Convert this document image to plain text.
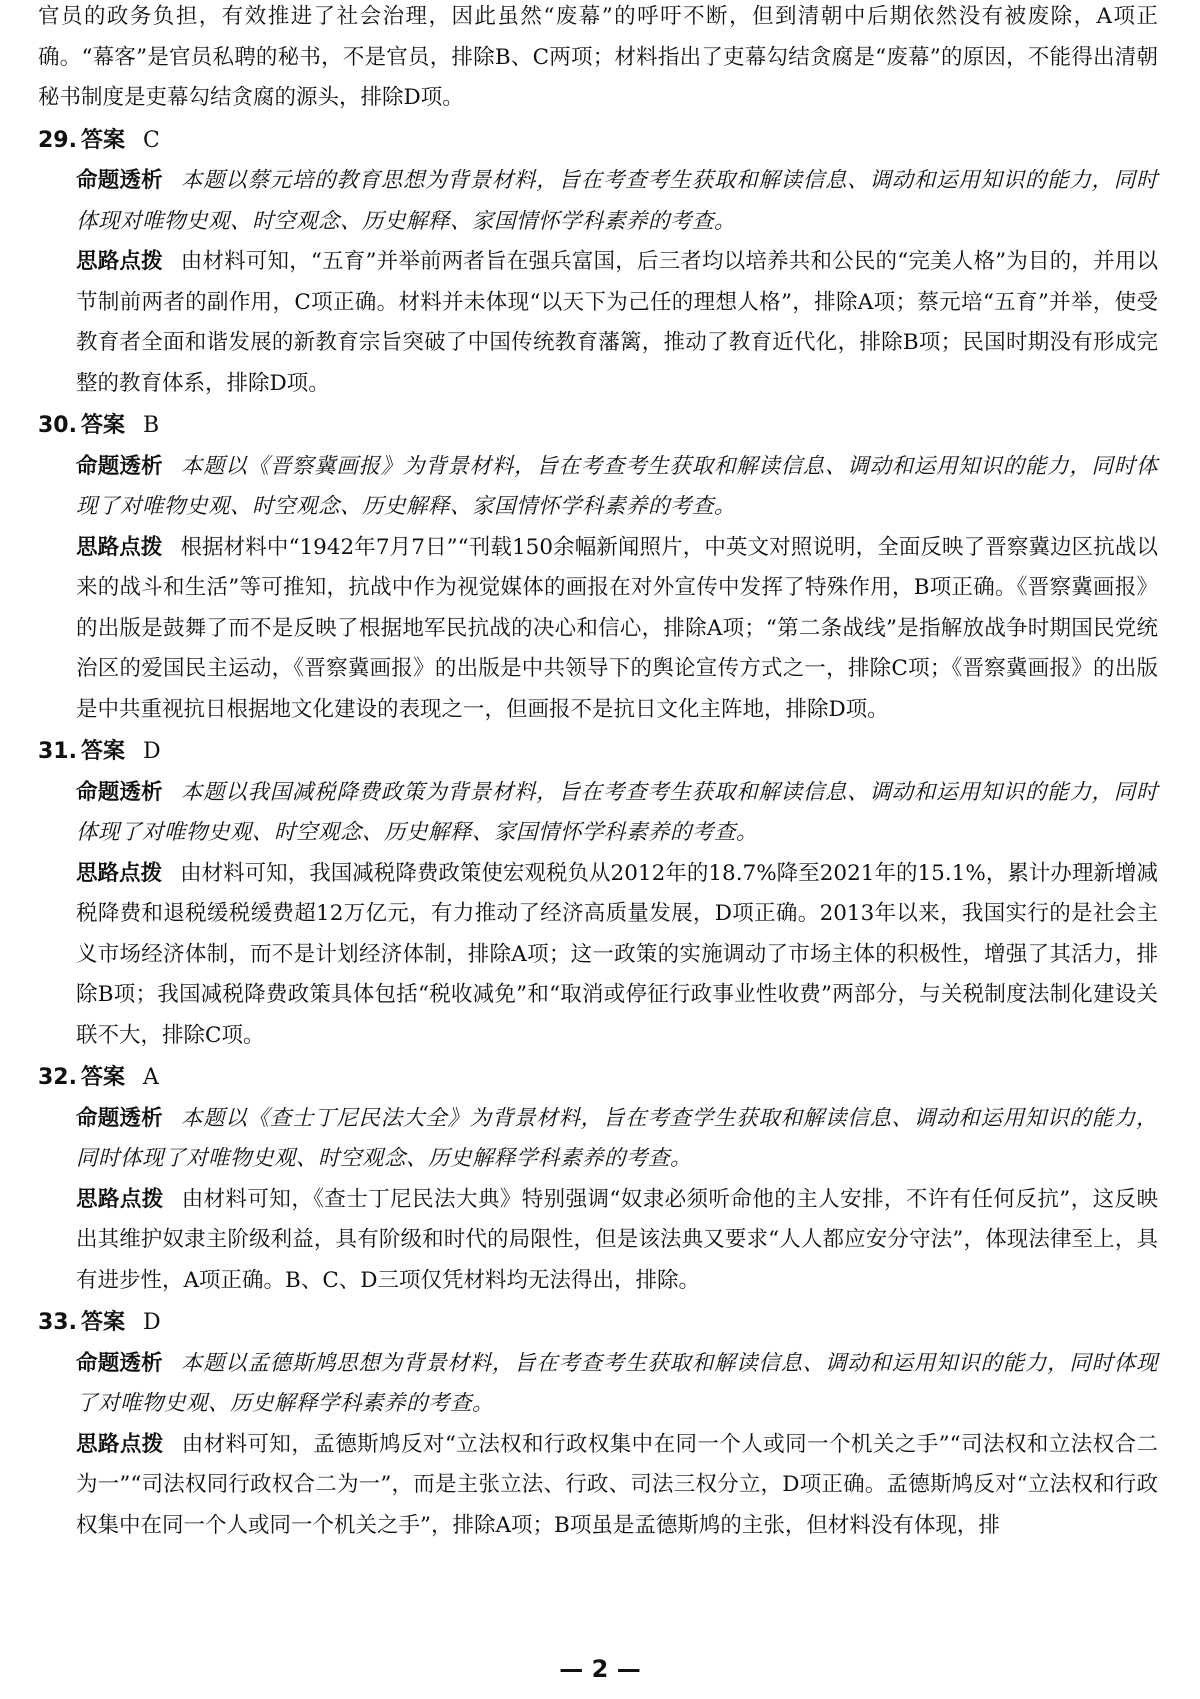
官员的政务负担，有效推进了社会治理，因此虽然“废幕”的呼吁不断，但到清朝中后期依然没有被废除，A项正确。“幕客”是官员私聘的秘书，不是官员，排除B、C两项；材料指出了吏幕勾结贪腐是“废幕”的原因，不能得出清朝秘书制度是吏幕勾结贪腐的源头，排除D项。

29. 答案 C

命题透析 本题以蔡元培的教育思想为背景材料，旨在考查考生获取和解读信息、调动和运用知识的能力，同时体现对唯物史观、时空观念、历史解释、家国情怀学科素养的考查。

思路点拨 由材料可知，“五育”并举前两者旨在强兵富国，后三者均以培养共和公民的“完美人格”为目的，并用以节制前两者的副作用，C项正确。材料并未体现“以天下为己任的理想人格”，排除A项；蔡元培“五育”并举，使受教育者全面和谐发展的新教育宗旨突破了中国传统教育藩篱，推动了教育近代化，排除B项；民国时期没有形成完整的教育体系，排除D项。

30. 答案 B

命题透析 本题以《晋察冀画报》为背景材料，旨在考查考生获取和解读信息、调动和运用知识的能力，同时体现了对唯物史观、时空观念、历史解释、家国情怀学科素养的考查。

思路点拨 根据材料中“1942年7月7日”“刊载150余幅新闻照片，中英文对照说明，全面反映了晋察冀边区抗战以来的战斗和生活”等可推知，抗战中作为视觉媒体的画报在对外宣传中发挥了特殊作用，B项正确。《晋察冀画报》的出版是鼓舞了而不是反映了根据地军民抗战的决心和信心，排除A项；“第二条战线”是指解放战争时期国民党统治区的爱国民主运动，《晋察冀画报》的出版是中共领导下的舆论宣传方式之一，排除C项；《晋察冀画报》的出版是中共重视抗日根据地文化建设的表现之一，但画报不是抗日文化主阵地，排除D项。

31. 答案 D

命题透析 本题以我国减税降费政策为背景材料，旨在考查考生获取和解读信息、调动和运用知识的能力，同时体现了对唯物史观、时空观念、历史解释、家国情怀学科素养的考查。

思路点拨 由材料可知，我国减税降费政策使宏观税负从2012年的18.7%降至2021年的15.1%，累计办理新增减税降费和退税缓税缓费超12万亿元，有力推动了经济高质量发展，D项正确。2013年以来，我国实行的是社会主义市场经济体制，而不是计划经济体制，排除A项；这一政策的实施调动了市场主体的积极性，增强了其活力，排除B项；我国减税降费政策具体包括“税收减免”和“取消或停征行政事业性收费”两部分，与关税制度法制化建设关联不大，排除C项。

32. 答案 A

命题透析 本题以《查士丁尼民法大全》为背景材料，旨在考查学生获取和解读信息、调动和运用知识的能力，同时体现了对唯物史观、时空观念、历史解释学科素养的考查。

思路点拨 由材料可知，《查士丁尼民法大典》特别强调“奴隶必须听命他的主人安排，不许有任何反抗”，这反映出其维护奴隶主阶级利益，具有阶级和时代的局限性，但是该法典又要求“人人都应安分守法”，体现法律至上，具有进步性，A项正确。B、C、D三项仅凭材料均无法得出，排除。

33. 答案 D

命题透析 本题以孟德斯鸠思想为背景材料，旨在考查考生获取和解读信息、调动和运用知识的能力，同时体现了对唯物史观、历史解释学科素养的考查。

思路点拨 由材料可知，孟德斯鸠反对“立法权和行政权集中在同一个人或同一个机关之手”“司法权和立法权合二为一”“司法权同行政权合二为一”，而是主张立法、行政、司法三权分立，D项正确。孟德斯鸠反对“立法权和行政权集中在同一个人或同一个机关之手”，排除A项；B项虽是孟德斯鸠的主张，但材料没有体现，排

— 2 —
